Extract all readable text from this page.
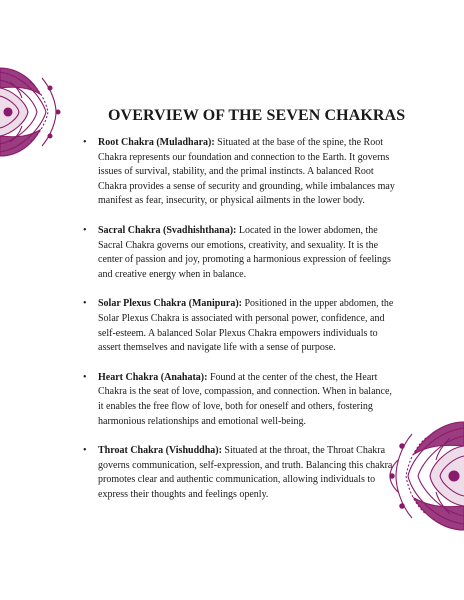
OVERVIEW OF THE SEVEN CHAKRAS
• Root Chakra (Muladhara): Situated at the base of the spine, the Root Chakra represents our foundation and connection to the Earth. It governs issues of survival, stability, and the primal instincts. A balanced Root Chakra provides a sense of security and grounding, while imbalances may manifest as fear, insecurity, or physical ailments in the lower body.
• Sacral Chakra (Svadhishthana): Located in the lower abdomen, the Sacral Chakra governs our emotions, creativity, and sexuality. It is the center of passion and joy, promoting a harmonious expression of feelings and creative energy when in balance.
• Solar Plexus Chakra (Manipura): Positioned in the upper abdomen, the Solar Plexus Chakra is associated with personal power, confidence, and self-esteem. A balanced Solar Plexus Chakra empowers individuals to assert themselves and navigate life with a sense of purpose.
• Heart Chakra (Anahata): Found at the center of the chest, the Heart Chakra is the seat of love, compassion, and connection. When in balance, it enables the free flow of love, both for oneself and others, fostering harmonious relationships and emotional well-being.
• Throat Chakra (Vishuddha): Situated at the throat, the Throat Chakra governs communication, self-expression, and truth. Balancing this chakra promotes clear and authentic communication, allowing individuals to express their thoughts and feelings openly.
